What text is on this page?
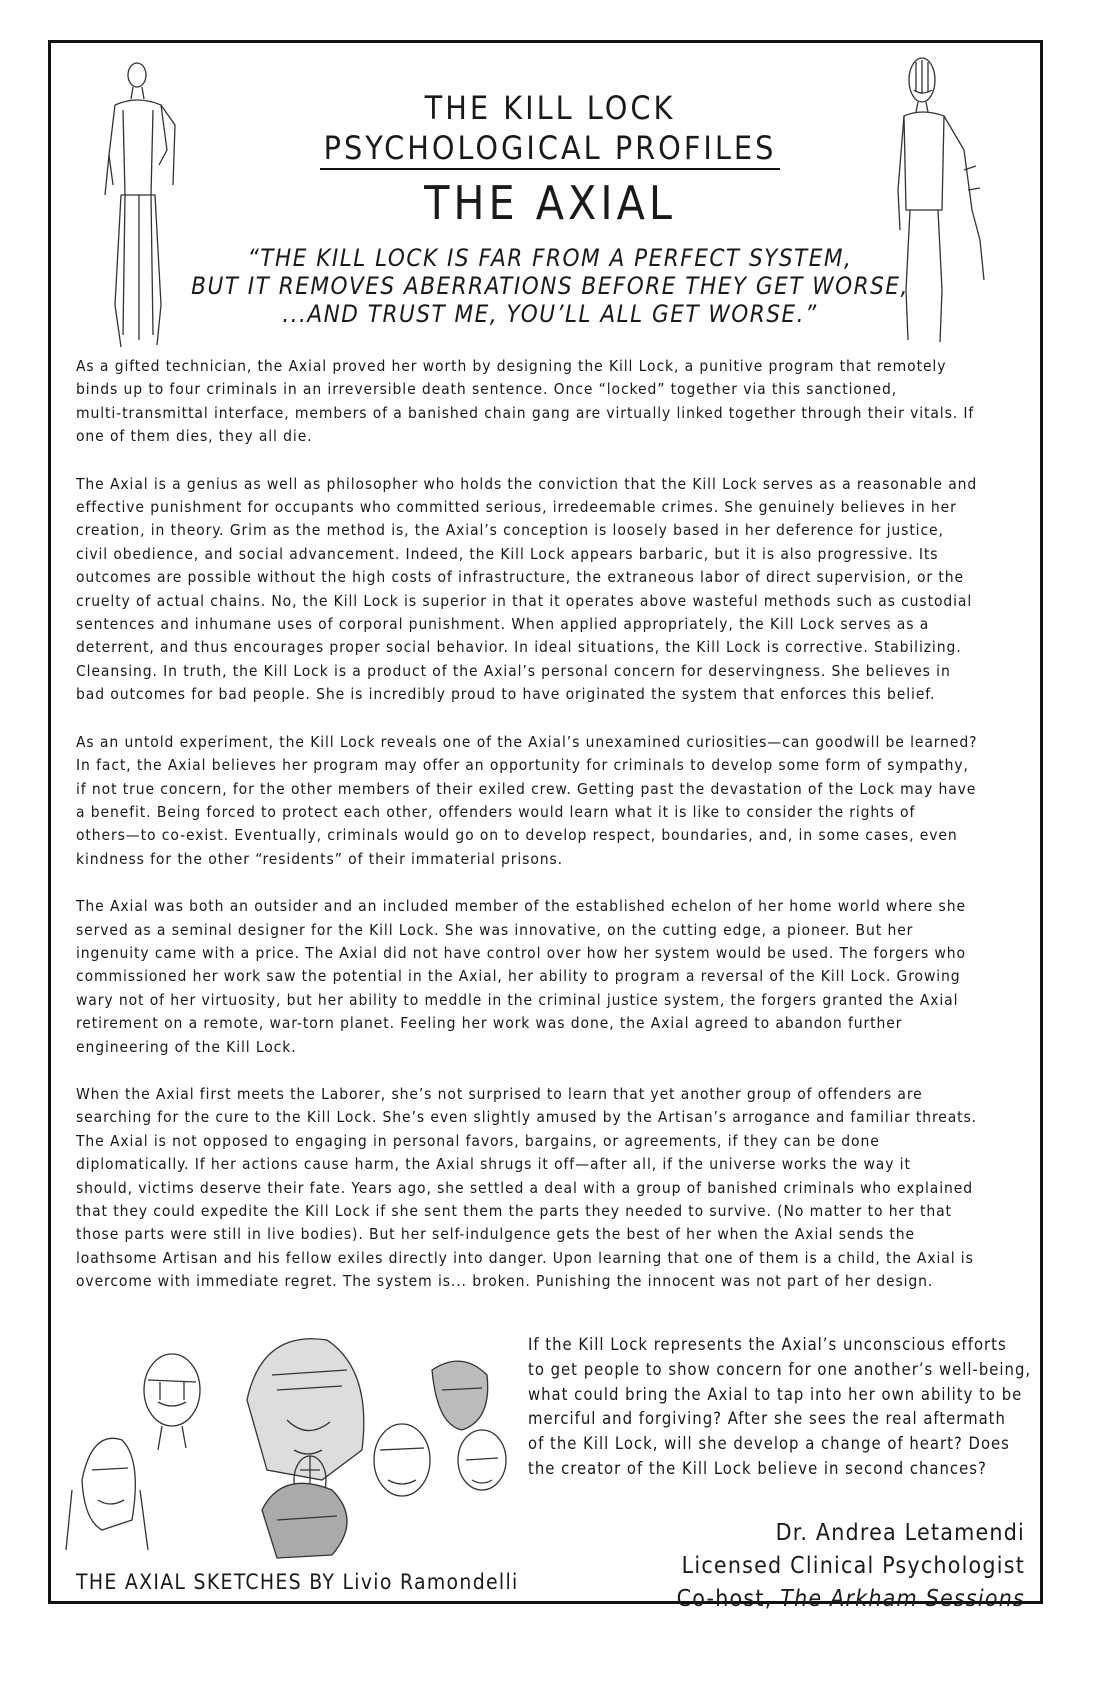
THE KILL LOCK
PSYCHOLOGICAL PROFILES
THE AXIAL
“THE KILL LOCK IS FAR FROM A PERFECT SYSTEM,
BUT IT REMOVES ABERRATIONS BEFORE THEY GET WORSE,
...AND TRUST ME, YOU’LL ALL GET WORSE.”
As a gifted technician, the Axial proved her worth by designing the Kill Lock, a punitive program that remotely
binds up to four criminals in an irreversible death sentence. Once “locked” together via this sanctioned,
multi-transmittal interface, members of a banished chain gang are virtually linked together through their vitals. If
one of them dies, they all die.
The Axial is a genius as well as philosopher who holds the conviction that the Kill Lock serves as a reasonable and
effective punishment for occupants who committed serious, irredeemable crimes. She genuinely believes in her
creation, in theory. Grim as the method is, the Axial’s conception is loosely based in her deference for justice,
civil obedience, and social advancement. Indeed, the Kill Lock appears barbaric, but it is also progressive. Its
outcomes are possible without the high costs of infrastructure, the extraneous labor of direct supervision, or the
cruelty of actual chains. No, the Kill Lock is superior in that it operates above wasteful methods such as custodial
sentences and inhumane uses of corporal punishment. When applied appropriately, the Kill Lock serves as a
deterrent, and thus encourages proper social behavior. In ideal situations, the Kill Lock is corrective. Stabilizing.
Cleansing. In truth, the Kill Lock is a product of the Axial’s personal concern for deservingness. She believes in
bad outcomes for bad people. She is incredibly proud to have originated the system that enforces this belief.
As an untold experiment, the Kill Lock reveals one of the Axial’s unexamined curiosities—can goodwill be learned?
In fact, the Axial believes her program may offer an opportunity for criminals to develop some form of sympathy,
if not true concern, for the other members of their exiled crew. Getting past the devastation of the Lock may have
a benefit. Being forced to protect each other, offenders would learn what it is like to consider the rights of
others—to co-exist. Eventually, criminals would go on to develop respect, boundaries, and, in some cases, even
kindness for the other “residents” of their immaterial prisons.
The Axial was both an outsider and an included member of the established echelon of her home world where she
served as a seminal designer for the Kill Lock. She was innovative, on the cutting edge, a pioneer. But her
ingenuity came with a price. The Axial did not have control over how her system would be used. The forgers who
commissioned her work saw the potential in the Axial, her ability to program a reversal of the Kill Lock. Growing
wary not of her virtuosity, but her ability to meddle in the criminal justice system, the forgers granted the Axial
retirement on a remote, war-torn planet. Feeling her work was done, the Axial agreed to abandon further
engineering of the Kill Lock.
When the Axial first meets the Laborer, she’s not surprised to learn that yet another group of offenders are
searching for the cure to the Kill Lock. She’s even slightly amused by the Artisan’s arrogance and familiar threats.
The Axial is not opposed to engaging in personal favors, bargains, or agreements, if they can be done
diplomatically. If her actions cause harm, the Axial shrugs it off—after all, if the universe works the way it
should, victims deserve their fate. Years ago, she settled a deal with a group of banished criminals who explained
that they could expedite the Kill Lock if she sent them the parts they needed to survive. (No matter to her that
those parts were still in live bodies). But her self-indulgence gets the best of her when the Axial sends the
loathsome Artisan and his fellow exiles directly into danger. Upon learning that one of them is a child, the Axial is
overcome with immediate regret. The system is... broken. Punishing the innocent was not part of her design.
If the Kill Lock represents the Axial’s unconscious efforts
to get people to show concern for one another’s well-being,
what could bring the Axial to tap into her own ability to be
merciful and forgiving? After she sees the real aftermath
of the Kill Lock, will she develop a change of heart? Does
the creator of the Kill Lock believe in second chances?
Dr. Andrea Letamendi
Licensed Clinical Psychologist
Co-host, The Arkham Sessions
THE AXIAL SKETCHES BY Livio Ramondelli
